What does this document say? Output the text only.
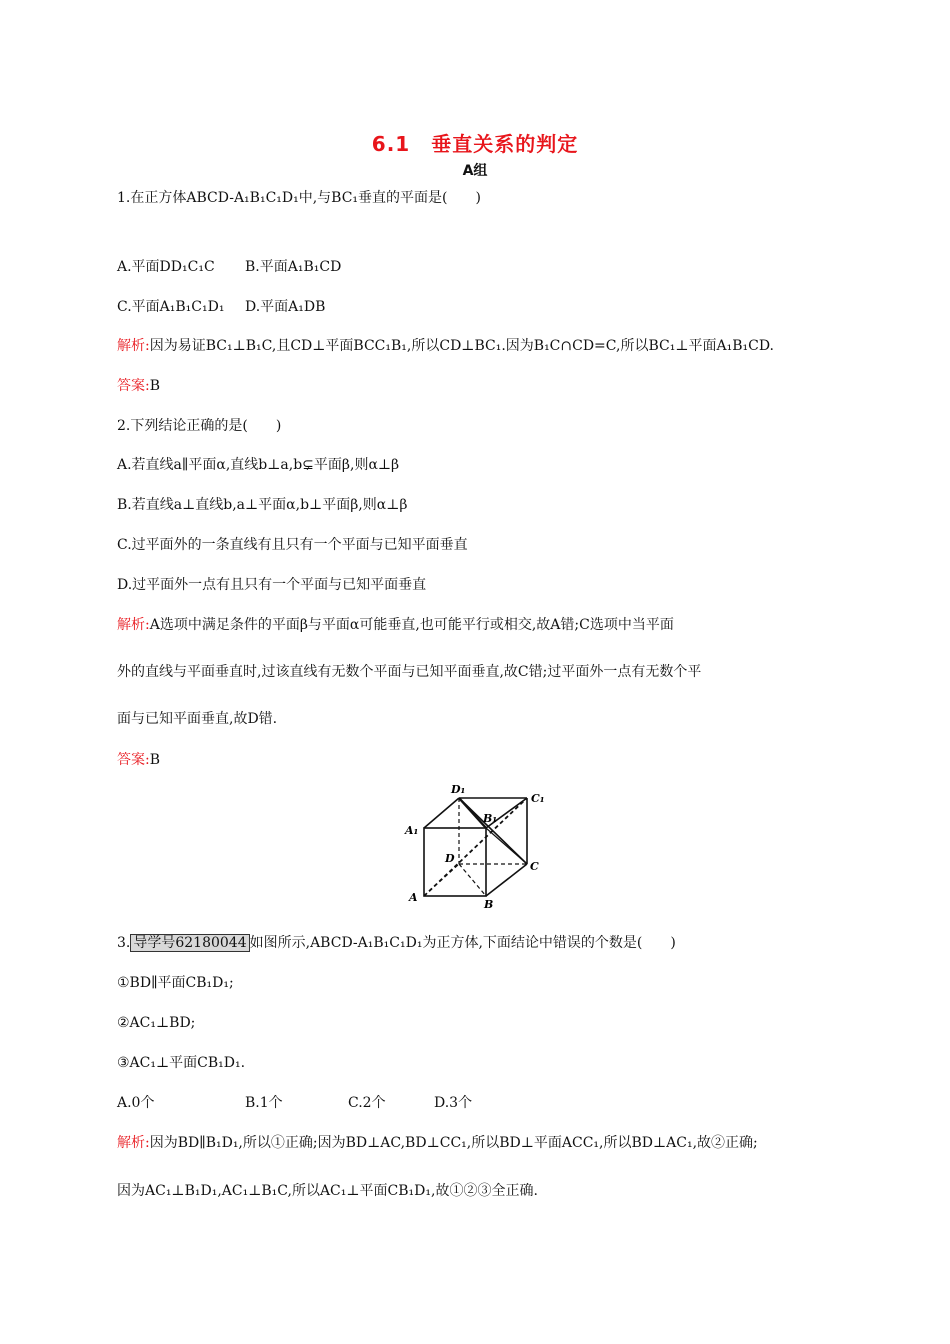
6.1　垂直关系的判定
A组
1.在正方体ABCD-A₁B₁C₁D₁中,与BC₁垂直的平面是(　　)
A.平面DD₁C₁C B.平面A₁B₁CD
C.平面A₁B₁C₁D₁ D.平面A₁DB
解析:因为易证BC₁⊥B₁C,且CD⊥平面BCC₁B₁,所以CD⊥BC₁.因为B₁C∩CD=C,所以BC₁⊥平面A₁B₁CD.
答案:B
2.下列结论正确的是(　　)
A.若直线a∥平面α,直线b⊥a,b⊊平面β,则α⊥β
B.若直线a⊥直线b,a⊥平面α,b⊥平面β,则α⊥β
C.过平面外的一条直线有且只有一个平面与已知平面垂直
D.过平面外一点有且只有一个平面与已知平面垂直
解析:A选项中满足条件的平面β与平面α可能垂直,也可能平行或相交,故A错;C选项中当平面
外的直线与平面垂直时,过该直线有无数个平面与已知平面垂直,故C错;过平面外一点有无数个平
面与已知平面垂直,故D错.
答案:B
D₁
C₁
B₁
A₁
D
C
A
B
3. 导学号62180044 如图所示,ABCD-A₁B₁C₁D₁为正方体,下面结论中错误的个数是(　　)
①BD∥平面CB₁D₁;
②AC₁⊥BD;
③AC₁⊥平面CB₁D₁.
A.0个	B.1个	C.2个	D.3个
解析:因为BD∥B₁D₁,所以①正确;因为BD⊥AC,BD⊥CC₁,所以BD⊥平面ACC₁,所以BD⊥AC₁,故②正确;
因为AC₁⊥B₁D₁,AC₁⊥B₁C,所以AC₁⊥平面CB₁D₁,故①②③全正确.
